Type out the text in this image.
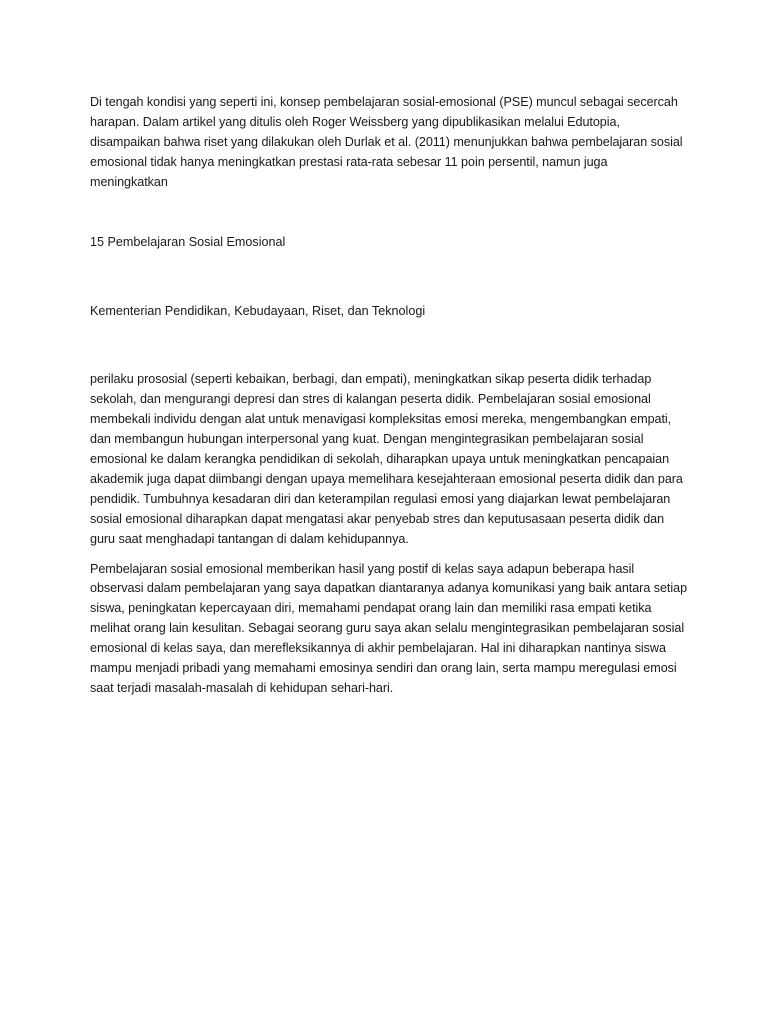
Di tengah kondisi yang seperti ini, konsep pembelajaran sosial-emosional (PSE) muncul sebagai secercah harapan. Dalam artikel yang ditulis oleh Roger Weissberg yang dipublikasikan melalui Edutopia, disampaikan bahwa riset yang dilakukan oleh Durlak et al. (2011) menunjukkan bahwa pembelajaran sosial emosional tidak hanya meningkatkan prestasi rata-rata sebesar 11 poin persentil, namun juga meningkatkan

15 Pembelajaran Sosial Emosional

Kementerian Pendidikan, Kebudayaan, Riset, dan Teknologi

perilaku prososial (seperti kebaikan, berbagi, dan empati), meningkatkan sikap peserta didik terhadap sekolah, dan mengurangi depresi dan stres di kalangan peserta didik. Pembelajaran sosial emosional membekali individu dengan alat untuk menavigasi kompleksitas emosi mereka, mengembangkan empati, dan membangun hubungan interpersonal yang kuat. Dengan mengintegrasikan pembelajaran sosial emosional ke dalam kerangka pendidikan di sekolah, diharapkan upaya untuk meningkatkan pencapaian akademik juga dapat diimbangi dengan upaya memelihara kesejahteraan emosional peserta didik dan para pendidik. Tumbuhnya kesadaran diri dan keterampilan regulasi emosi yang diajarkan lewat pembelajaran sosial emosional diharapkan dapat mengatasi akar penyebab stres dan keputusasaan peserta didik dan guru saat menghadapi tantangan di dalam kehidupannya.

Pembelajaran sosial emosional memberikan hasil yang postif di kelas saya adapun beberapa hasil observasi dalam pembelajaran yang saya dapatkan diantaranya adanya komunikasi yang baik antara setiap siswa, peningkatan kepercayaan diri, memahami pendapat orang lain dan memiliki rasa empati ketika melihat orang lain kesulitan. Sebagai seorang guru saya akan selalu mengintegrasikan pembelajaran sosial emosional di kelas saya, dan merefleksikannya di akhir pembelajaran. Hal ini diharapkan nantinya siswa mampu menjadi pribadi yang memahami emosinya sendiri dan orang lain, serta mampu meregulasi emosi saat terjadi masalah-masalah di kehidupan sehari-hari.
